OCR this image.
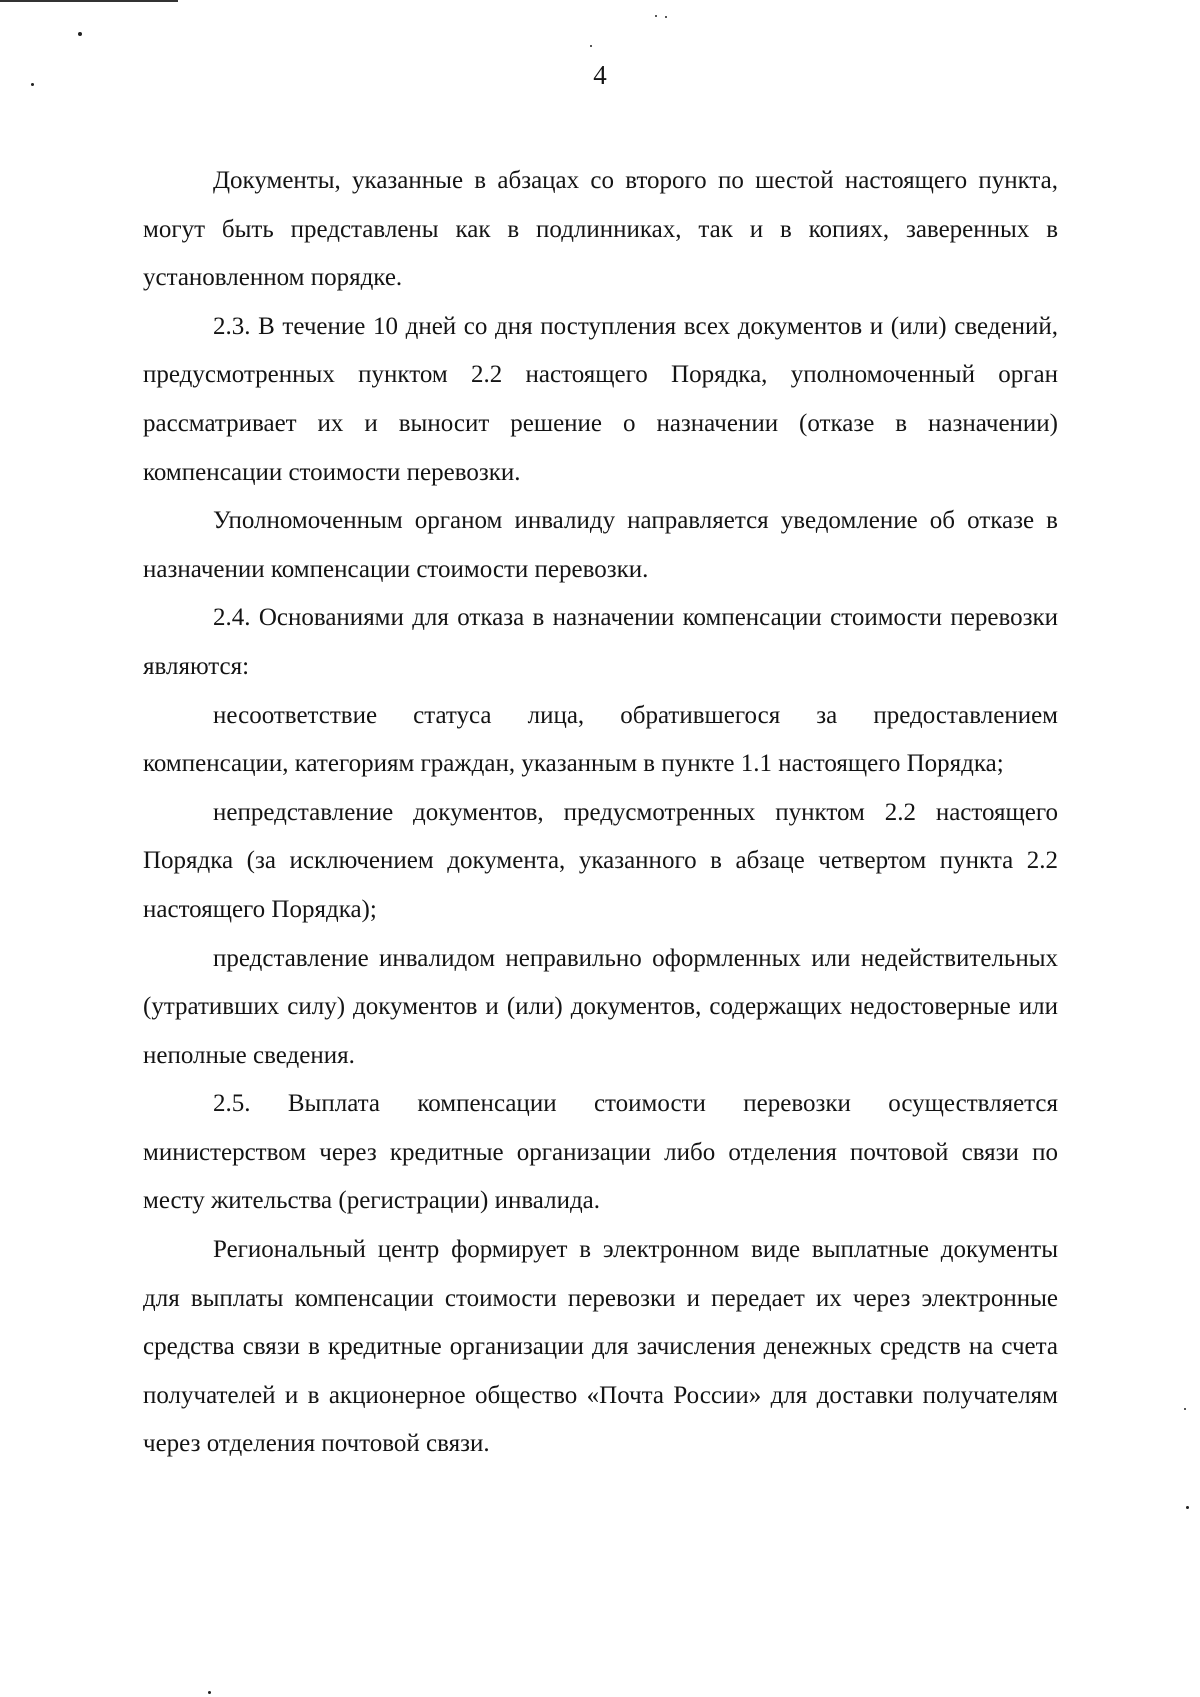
4

Документы, указанные в абзацах со второго по шестой настоящего пункта, могут быть представлены как в подлинниках, так и в копиях, заверенных в установленном порядке.

2.3. В течение 10 дней со дня поступления всех документов и (или) сведений, предусмотренных пунктом 2.2 настоящего Порядка, уполномоченный орган рассматривает их и выносит решение о назначении (отказе в назначении) компенсации стоимости перевозки.

Уполномоченным органом инвалиду направляется уведомление об отказе в назначении компенсации стоимости перевозки.

2.4. Основаниями для отказа в назначении компенсации стоимости перевозки являются:

несоответствие статуса лица, обратившегося за предоставлением компенсации, категориям граждан, указанным в пункте 1.1 настоящего Порядка;

непредставление документов, предусмотренных пунктом 2.2 настоящего Порядка (за исключением документа, указанного в абзаце четвертом пункта 2.2 настоящего Порядка);

представление инвалидом неправильно оформленных или недействительных (утративших силу) документов и (или) документов, содержащих недостоверные или неполные сведения.

2.5. Выплата компенсации стоимости перевозки осуществляется министерством через кредитные организации либо отделения почтовой связи по месту жительства (регистрации) инвалида.

Региональный центр формирует в электронном виде выплатные документы для выплаты компенсации стоимости перевозки и передает их через электронные средства связи в кредитные организации для зачисления денежных средств на счета получателей и в акционерное общество «Почта России» для доставки получателям через отделения почтовой связи.
